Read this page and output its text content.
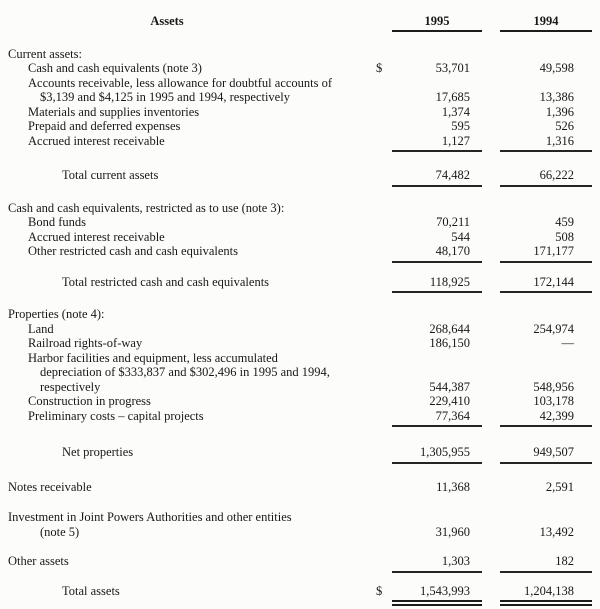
Assets	1995	1994
Current assets:
Cash and cash equivalents (note 3)	$	53,701	49,598
Accounts receivable, less allowance for doubtful accounts of
$3,139 and $4,125 in 1995 and 1994, respectively	17,685	13,386
Materials and supplies inventories	1,374	1,396
Prepaid and deferred expenses	595	526
Accrued interest receivable	1,127	1,316
Total current assets	74,482	66,222
Cash and cash equivalents, restricted as to use (note 3):
Bond funds	70,211	459
Accrued interest receivable	544	508
Other restricted cash and cash equivalents	48,170	171,177
Total restricted cash and cash equivalents	118,925	172,144
Properties (note 4):
Land	268,644	254,974
Railroad rights-of-way	186,150	—
Harbor facilities and equipment, less accumulated
depreciation of $333,837 and $302,496 in 1995 and 1994,
respectively	544,387	548,956
Construction in progress	229,410	103,178
Preliminary costs – capital projects	77,364	42,399
Net properties	1,305,955	949,507
Notes receivable	11,368	2,591
Investment in Joint Powers Authorities and other entities
(note 5)	31,960	13,492
Other assets	1,303	182
Total assets	$	1,543,993	1,204,138
